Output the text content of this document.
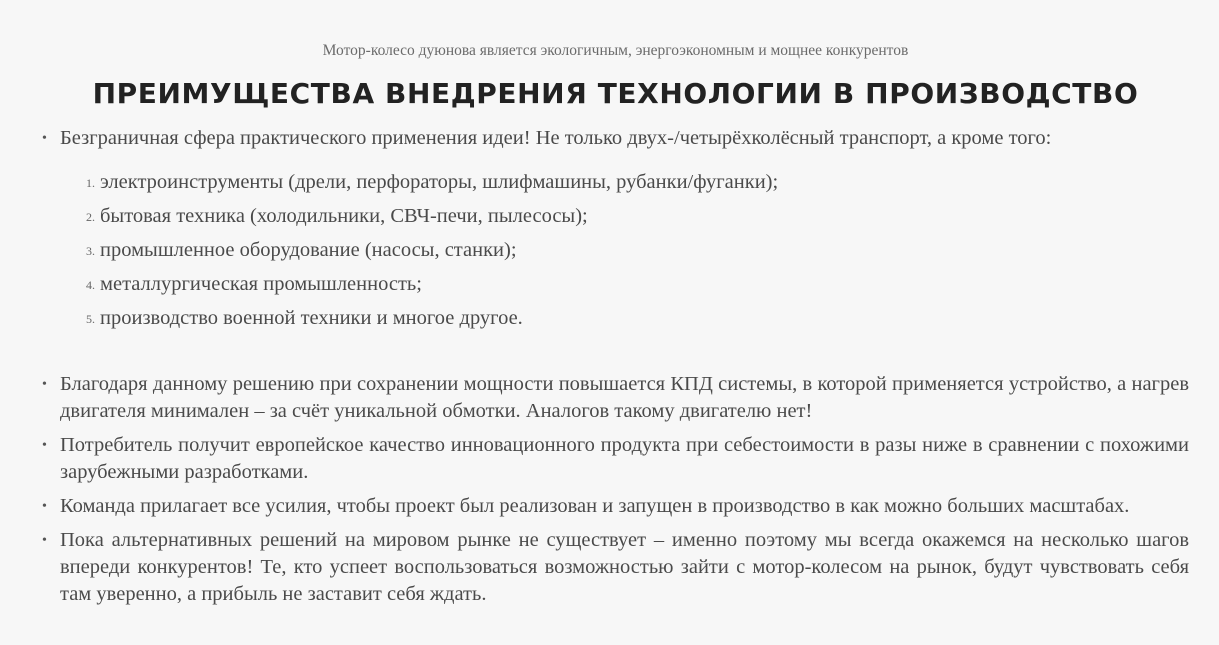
Мотор-колесо дуюнова является экологичным, энергоэкономным и мощнее конкурентов

ПРЕИМУЩЕСТВА ВНЕДРЕНИЯ ТЕХНОЛОГИИ В ПРОИЗВОДСТВО
• Безграничная сфера практического применения идеи! Не только двух-/четырёхколёсный транспорт, а кроме того:
1. электроинструменты (дрели, перфораторы, шлифмашины, рубанки/фуганки);
2. бытовая техника (холодильники, СВЧ-печи, пылесосы);
3. промышленное оборудование (насосы, станки);
4. металлургическая промышленность;
5. производство военной техники и многое другое.
• Благодаря данному решению при сохранении мощности повышается КПД системы, в которой применяется устройство, а нагрев двигателя минимален – за счёт уникальной обмотки. Аналогов такому двигателю нет!
• Потребитель получит европейское качество инновационного продукта при себестоимости в разы ниже в сравнении с похожими зарубежными разработками.
• Команда прилагает все усилия, чтобы проект был реализован и запущен в производство в как можно больших масштабах.
• Пока альтернативных решений на мировом рынке не существует – именно поэтому мы всегда окажемся на несколько шагов впереди конкурентов! Те, кто успеет воспользоваться возможностью зайти с мотор-колесом на рынок, будут чувствовать себя там уверенно, а прибыль не заставит себя ждать.
